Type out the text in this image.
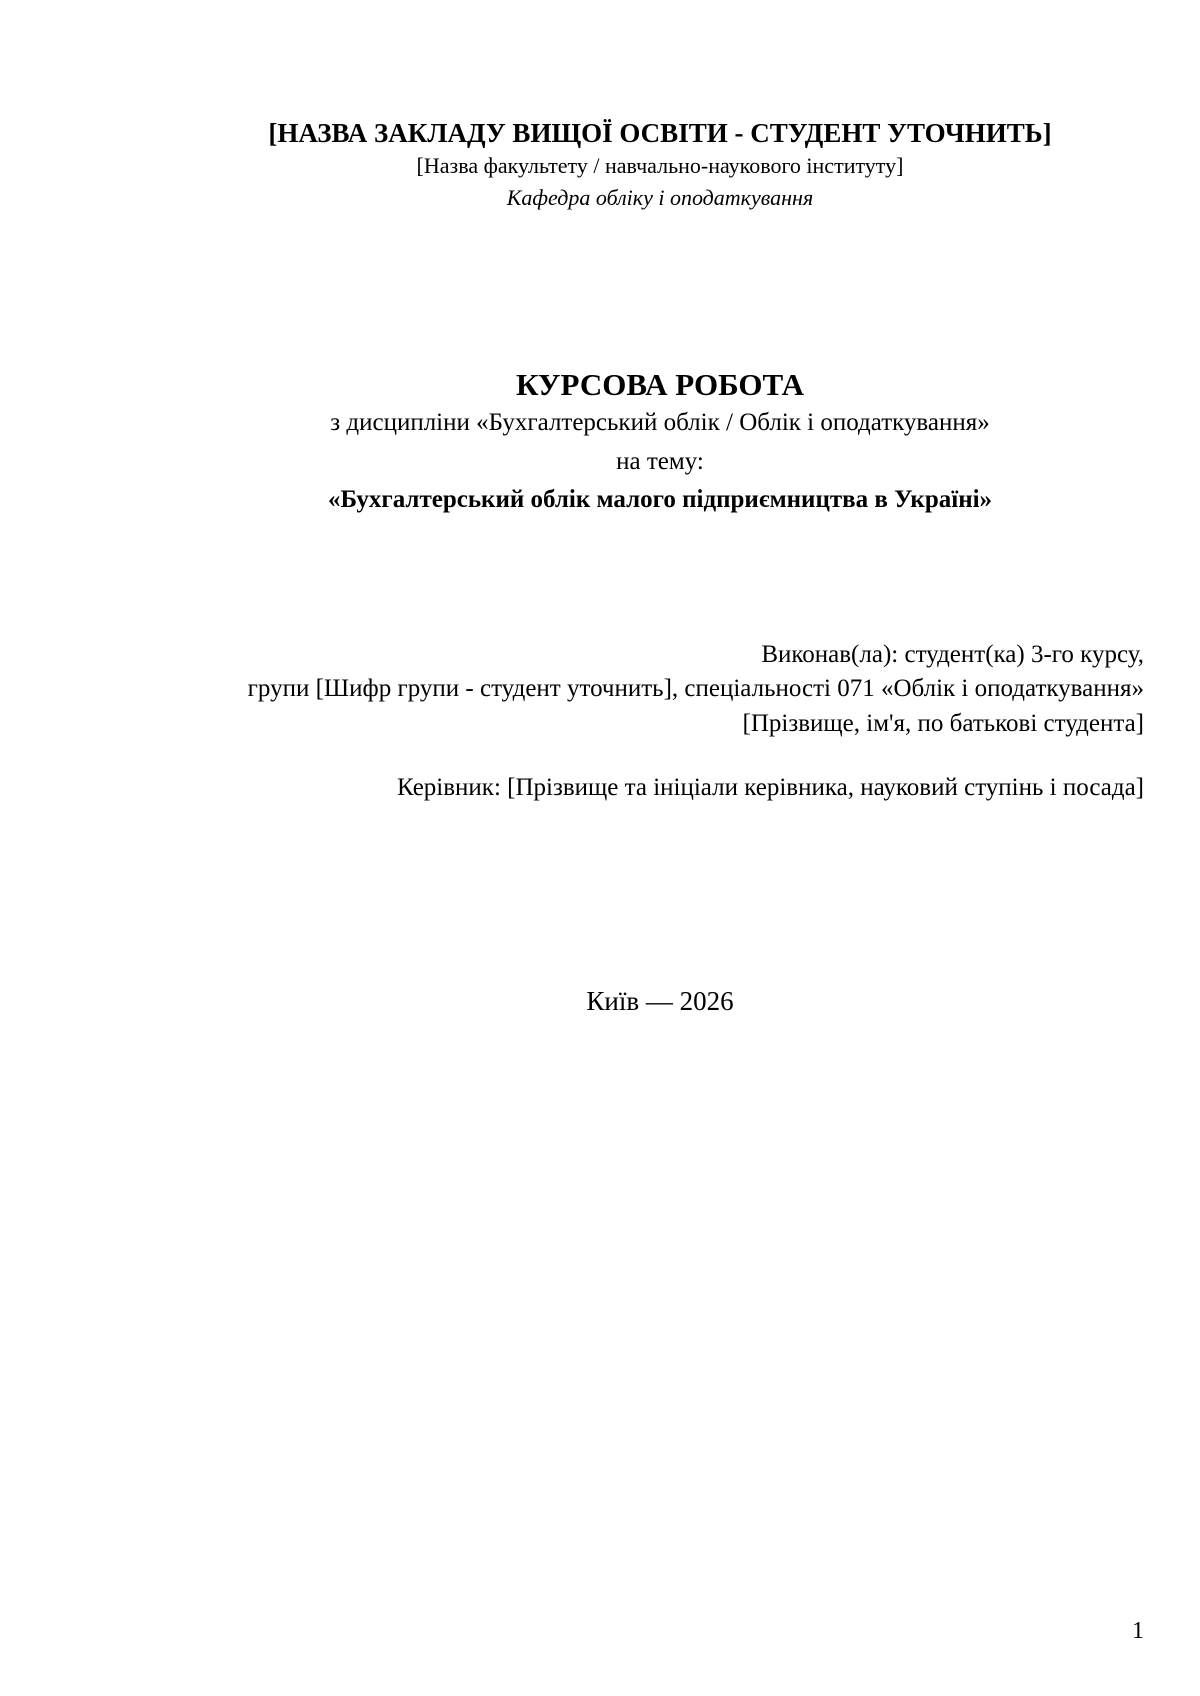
[НАЗВА ЗАКЛАДУ ВИЩОЇ ОСВІТИ - СТУДЕНТ УТОЧНИТЬ]
[Назва факультету / навчально-наукового інституту]
Кафедра обліку і оподаткування
КУРСОВА РОБОТА
з дисципліни «Бухгалтерський облік / Облік і оподаткування»
на тему:
«Бухгалтерський облік малого підприємництва в Україні»
Виконав(ла): студент(ка) 3-го курсу,
групи [Шифр групи - студент уточнить], спеціальності 071 «Облік і оподаткування»
[Прізвище, ім'я, по батькові студента]
Керівник: [Прізвище та ініціали керівника, науковий ступінь і посада]
Київ — 2026
1
